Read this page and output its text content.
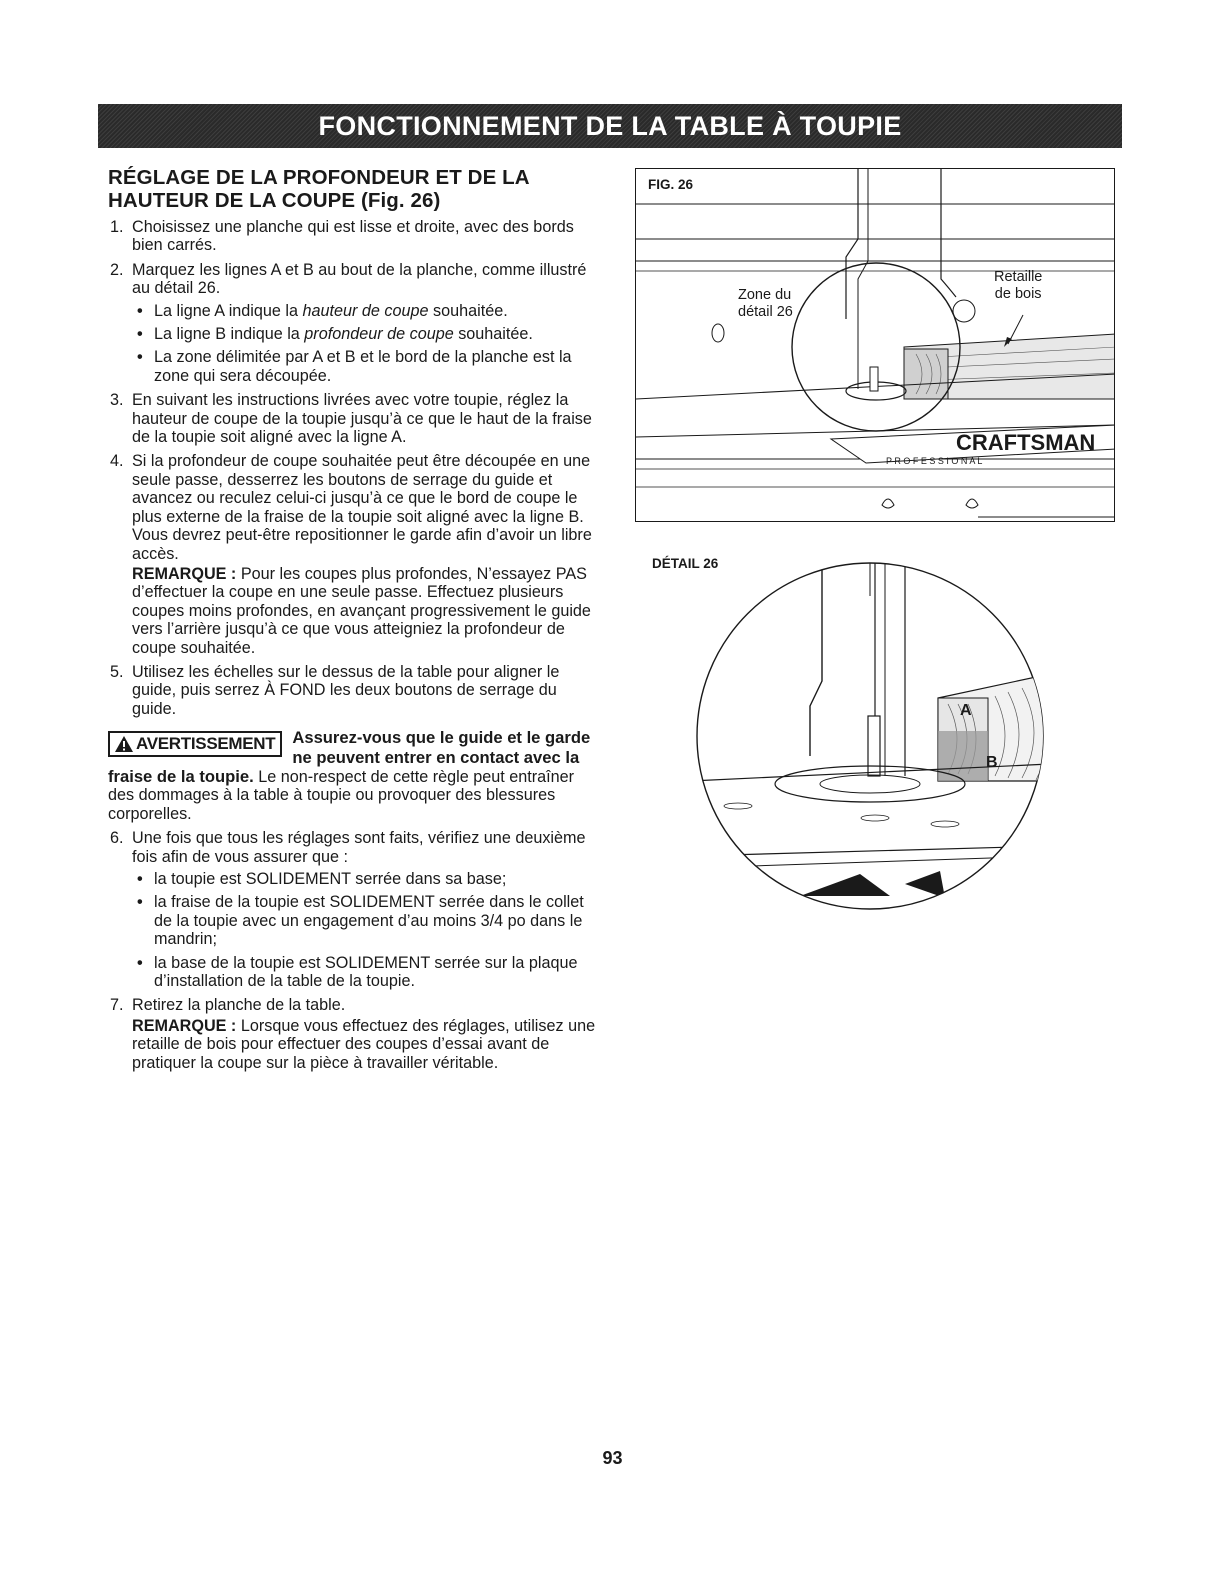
FONCTIONNEMENT DE LA TABLE À TOUPIE
RÉGLAGE DE LA PROFONDEUR ET DE LA HAUTEUR DE LA COUPE (Fig. 26)
1. Choisissez une planche qui est lisse et droite, avec des bords bien carrés.
2. Marquez les lignes A et B au bout de la planche, comme illustré au détail 26.
• La ligne A indique la hauteur de coupe souhaitée.
• La ligne B indique la profondeur de coupe souhaitée.
• La zone délimitée par A et B et le bord de la planche est la zone qui sera découpée.
3. En suivant les instructions livrées avec votre toupie, réglez la hauteur de coupe de la toupie jusqu’à ce que le haut de la fraise de la toupie soit aligné avec la ligne A.
4. Si la profondeur de coupe souhaitée peut être découpée en une seule passe, desserrez les boutons de serrage du guide et avancez ou reculez celui-ci jusqu’à ce que le bord de coupe le plus externe de la fraise de la toupie soit aligné avec la ligne B. Vous devrez peut-être repositionner le garde afin d’avoir un libre accès.

REMARQUE : Pour les coupes plus profondes, N’essayez PAS d’effectuer la coupe en une seule passe. Effectuez plusieurs coupes moins profondes, en avançant progressivement le guide vers l’arrière jusqu’à ce que vous atteigniez la profondeur de coupe souhaitée.

5. Utilisez les échelles sur le dessus de la table pour aligner le guide, puis serrez À FOND les deux boutons de serrage du guide.
AVERTISSEMENT Assurez-vous que le guide et le garde ne peuvent entrer en contact avec la fraise de la toupie. Le non-respect de cette règle peut entraîner des dommages à la table à toupie ou provoquer des blessures corporelles.
6. Une fois que tous les réglages sont faits, vérifiez une deuxième fois afin de vous assurer que :
• la toupie est SOLIDEMENT serrée dans sa base;
• la fraise de la toupie est SOLIDEMENT serrée dans le collet de la toupie avec un engagement d’au moins 3/4 po dans le mandrin;
• la base de la toupie est SOLIDEMENT serrée sur la plaque d’installation de la table de la toupie.
7. Retirez la planche de la table.

REMARQUE : Lorsque vous effectuez des réglages, utilisez une retaille de bois pour effectuer des coupes d’essai avant de pratiquer la coupe sur la pièce à travailler véritable.

CRAFTSMAN
P R O F E S S I O N A L
FIG. 26
Zone du
détail 26
Retaille
de bois
DÉTAIL 26
A
B
93
